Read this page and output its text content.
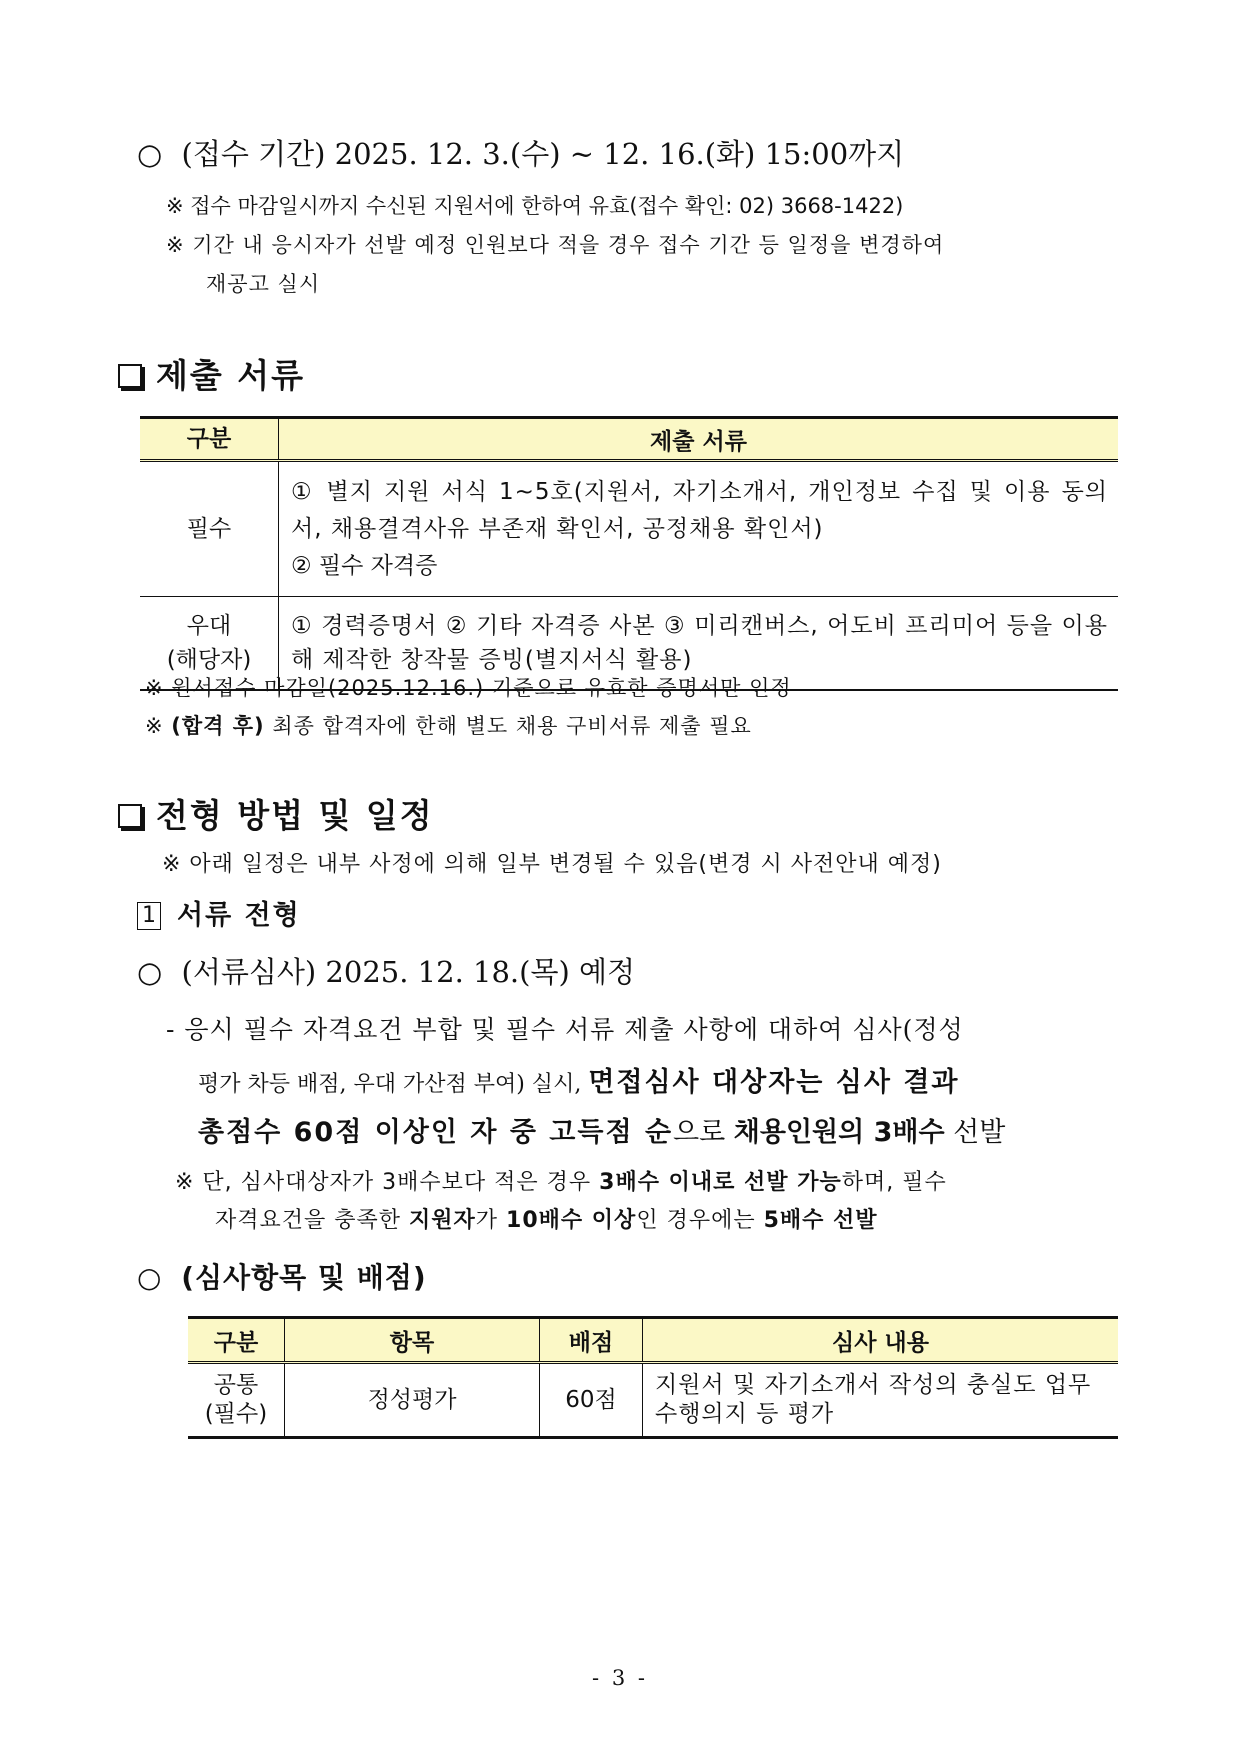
○ (접수 기간) 2025. 12. 3.(수) ~ 12. 16.(화) 15:00까지
※ 접수 마감일시까지 수신된 지원서에 한하여 유효(접수 확인: 02) 3668-1422)
※ 기간 내 응시자가 선발 예정 인원보다 적을 경우 접수 기간 등 일정을 변경하여
재공고 실시
제출 서류
구분	제출 서류
필수	① 별지 지원 서식 1~5호(지원서, 자기소개서, 개인정보 수집 및 이용 동의서, 채용결격사유 부존재 확인서, 공정채용 확인서)
② 필수 자격증

우대
(해당자)	① 경력증명서 ② 기타 자격증 사본 ③ 미리캔버스, 어도비 프리미어 등을 이용해 제작한 창작물 증빙(별지서식 활용)
※ 원서접수 마감일(2025.12.16.) 기준으로 유효한 증명서만 인정
※ (합격 후) 최종 합격자에 한해 별도 채용 구비서류 제출 필요
전형 방법 및 일정
※ 아래 일정은 내부 사정에 의해 일부 변경될 수 있음(변경 시 사전안내 예정)
1 서류 전형
○ (서류심사) 2025. 12. 18.(목) 예정
- 응시 필수 자격요건 부합 및 필수 서류 제출 사항에 대하여 심사(정성
평가 차등 배점, 우대 가산점 부여) 실시, 면접심사 대상자는 심사 결과
총점수 60점 이상인 자 중 고득점 순으로 채용인원의 3배수 선발
※ 단, 심사대상자가 3배수보다 적은 경우 3배수 이내로 선발 가능하며, 필수
자격요건을 충족한 지원자가 10배수 이상인 경우에는 5배수 선발
○ (심사항목 및 배점)
구분	항목	배점	심사 내용

공통
(필수)	정성평가	60점	지원서 및 자기소개서 작성의 충실도 업무 수행의지 등 평가
- 3 -
